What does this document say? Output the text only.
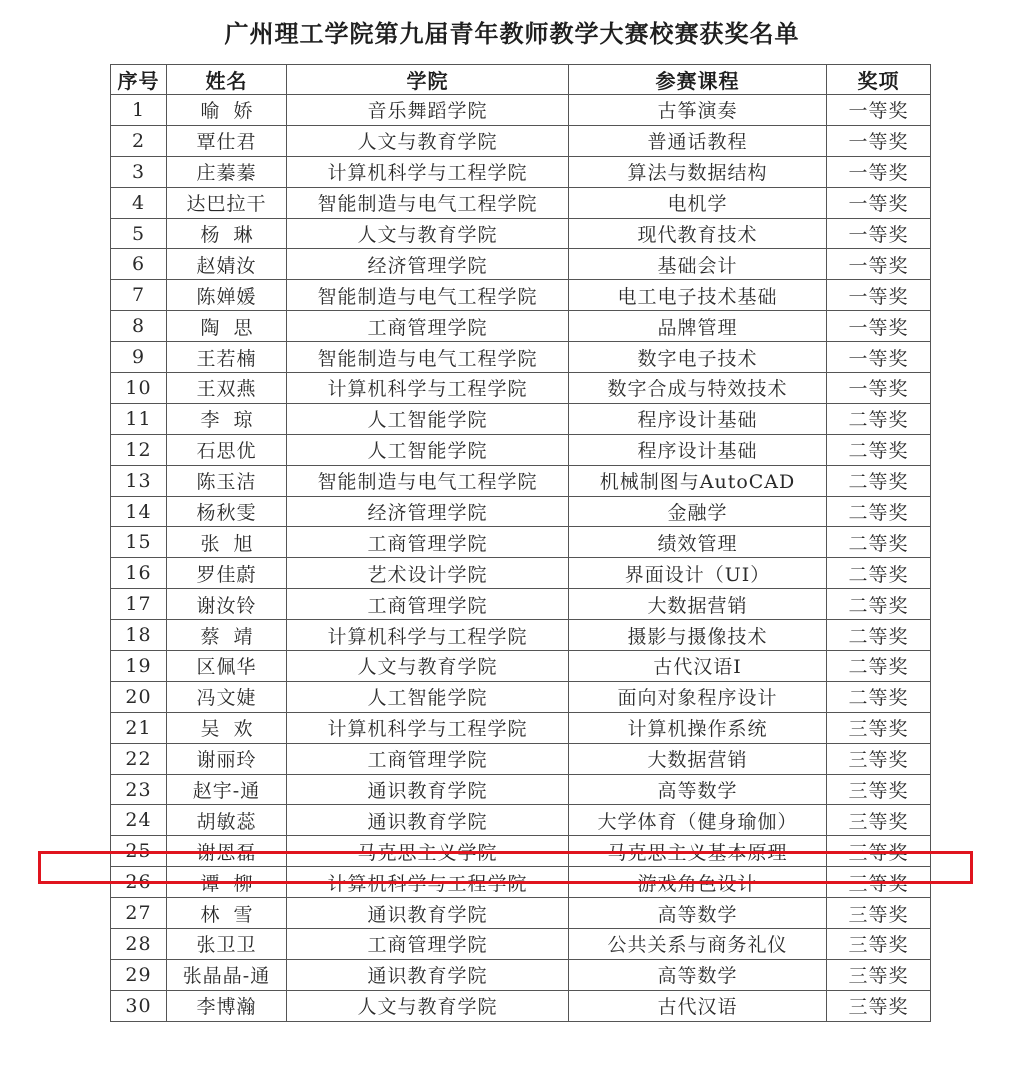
广州理工学院第九届青年教师教学大赛校赛获奖名单
序号	姓名	学院	参赛课程	奖项
1	喻娇	音乐舞蹈学院	古筝演奏	一等奖
2	覃仕君	人文与教育学院	普通话教程	一等奖
3	庄蓁蓁	计算机科学与工程学院	算法与数据结构	一等奖
4	达巴拉干	智能制造与电气工程学院	电机学	一等奖
5	杨琳	人文与教育学院	现代教育技术	一等奖
6	赵婧汝	经济管理学院	基础会计	一等奖
7	陈婵媛	智能制造与电气工程学院	电工电子技术基础	一等奖
8	陶思	工商管理学院	品牌管理	一等奖
9	王若楠	智能制造与电气工程学院	数字电子技术	一等奖
10	王双燕	计算机科学与工程学院	数字合成与特效技术	一等奖
11	李琼	人工智能学院	程序设计基础	二等奖
12	石思优	人工智能学院	程序设计基础	二等奖
13	陈玉洁	智能制造与电气工程学院	机械制图与AutoCAD	二等奖
14	杨秋雯	经济管理学院	金融学	二等奖
15	张旭	工商管理学院	绩效管理	二等奖
16	罗佳蔚	艺术设计学院	界面设计（UI）	二等奖
17	谢汝铃	工商管理学院	大数据营销	二等奖
18	蔡靖	计算机科学与工程学院	摄影与摄像技术	二等奖
19	区佩华	人文与教育学院	古代汉语Ⅰ	二等奖
20	冯文婕	人工智能学院	面向对象程序设计	二等奖
21	吴欢	计算机科学与工程学院	计算机操作系统	三等奖
22	谢丽玲	工商管理学院	大数据营销	三等奖
23	赵宇-通	通识教育学院	高等数学	三等奖
24	胡敏蕊	通识教育学院	大学体育（健身瑜伽）	三等奖
25	谢恩磊	马克思主义学院	马克思主义基本原理	三等奖
26	谭柳	计算机科学与工程学院	游戏角色设计	三等奖
27	林雪	通识教育学院	高等数学	三等奖
28	张卫卫	工商管理学院	公共关系与商务礼仪	三等奖
29	张晶晶-通	通识教育学院	高等数学	三等奖
30	李博瀚	人文与教育学院	古代汉语	三等奖
